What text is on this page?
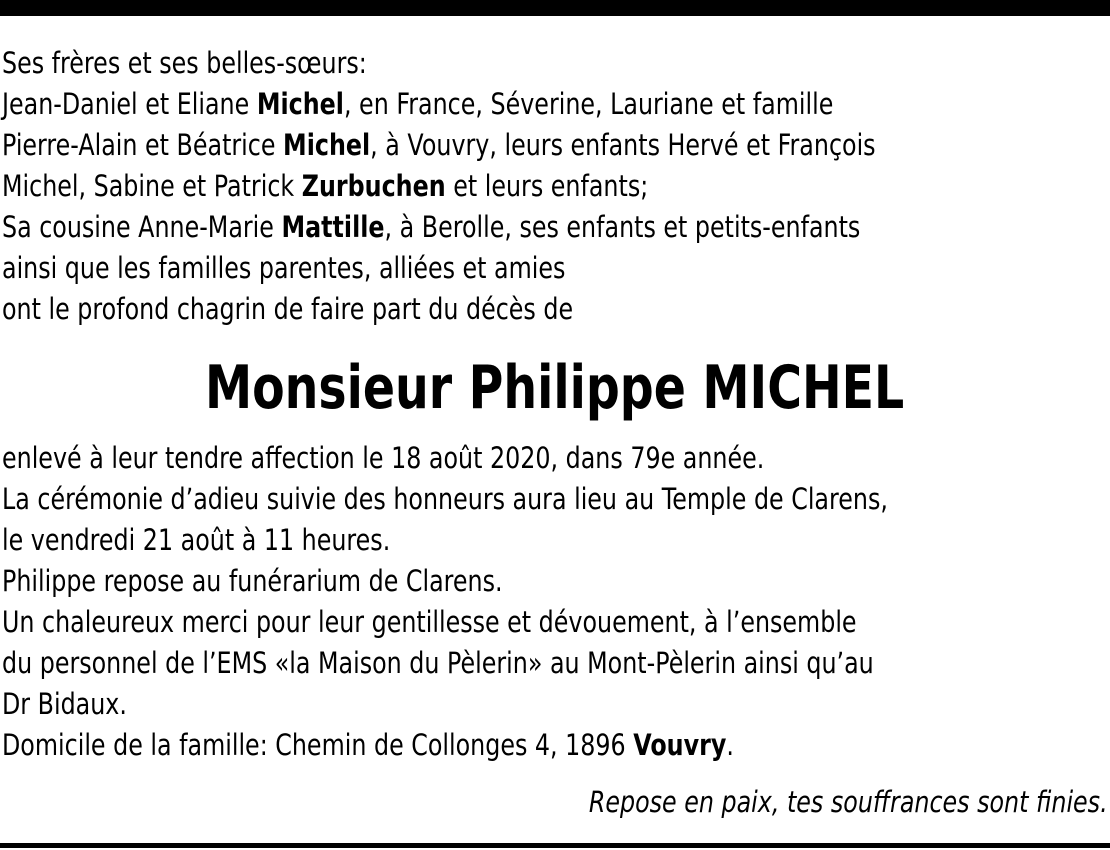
Ses frères et ses belles-sœurs:
Jean-Daniel et Eliane Michel, en France, Séverine, Lauriane et famille
Pierre-Alain et Béatrice Michel, à Vouvry, leurs enfants Hervé et François
Michel, Sabine et Patrick Zurbuchen et leurs enfants;
Sa cousine Anne-Marie Mattille, à Berolle, ses enfants et petits-enfants
ainsi que les familles parentes, alliées et amies
ont le profond chagrin de faire part du décès de
Monsieur Philippe MICHEL
enlevé à leur tendre affection le 18 août 2020, dans 79e année.
La cérémonie d’adieu suivie des honneurs aura lieu au Temple de Clarens,
le vendredi 21 août à 11 heures.
Philippe repose au funérarium de Clarens.
Un chaleureux merci pour leur gentillesse et dévouement, à l’ensemble
du personnel de l’EMS «la Maison du Pèlerin» au Mont-Pèlerin ainsi qu’au
Dr Bidaux.
Domicile de la famille: Chemin de Collonges 4, 1896 Vouvry.

Repose en paix, tes souffrances sont finies.
